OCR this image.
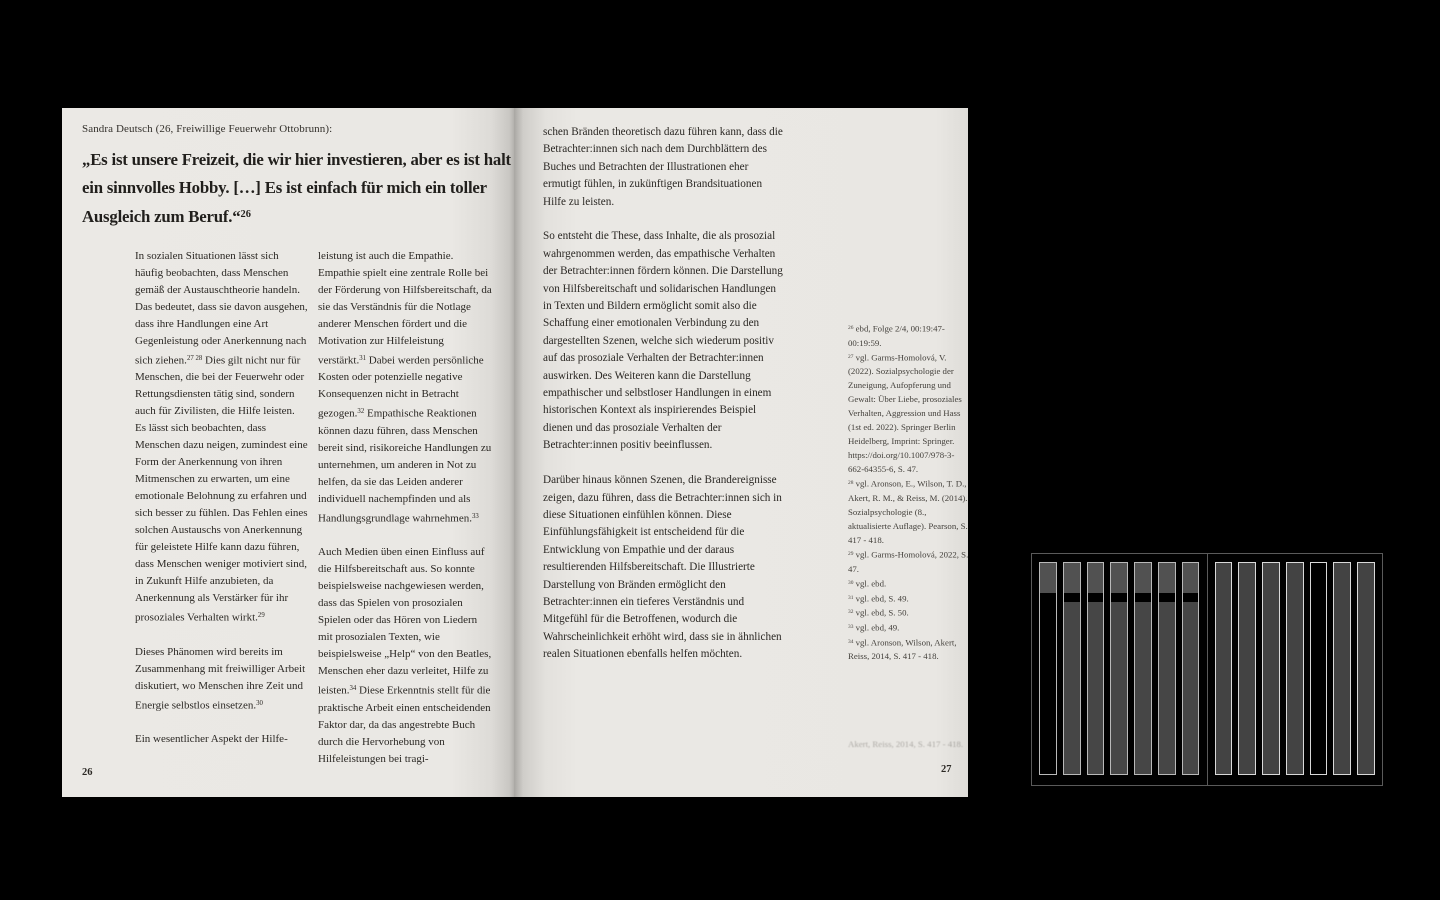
Sandra Deutsch (26, Freiwillige Feuerwehr Ottobrunn):
„Es ist unsere Freizeit, die wir hier investieren, aber es ist halt ein sinnvolles Hobby. […] Es ist einfach für mich ein toller Ausgleich zum Beruf.“$^{26}$
In sozialen Situationen lässt sich häufig beobachten, dass Menschen gemäß der Austauschtheorie handeln. Das bedeutet, dass sie davon ausgehen, dass ihre Handlungen eine Art Gegenleistung oder Anerkennung nach sich ziehen.$^{27 28}$ Dies gilt nicht nur für Menschen, die bei der Feuerwehr oder Rettungsdiensten tätig sind, sondern auch für Zivilisten, die Hilfe leisten. Es lässt sich beobachten, dass Menschen dazu neigen, zumindest eine Form der Anerkennung von ihren Mitmenschen zu erwarten, um eine emotionale Belohnung zu erfahren und sich besser zu fühlen. Das Fehlen eines solchen Austauschs von Anerkennung für geleistete Hilfe kann dazu führen, dass Menschen weniger motiviert sind, in Zukunft Hilfe anzubieten, da Anerkennung als Verstärker für ihr prosoziales Verhalten wirkt.$^{29}$
Dieses Phänomen wird bereits im Zusammenhang mit freiwilliger Arbeit diskutiert, wo Menschen ihre Zeit und Energie selbstlos einsetzen.$^{30}$
Ein wesentlicher Aspekt der Hilfe-
leistung ist auch die Empathie. Empathie spielt eine zentrale Rolle bei der Förderung von Hilfsbereitschaft, da sie das Verständnis für die Notlage anderer Menschen fördert und die Motivation zur Hilfeleistung verstärkt.$^{31}$ Dabei werden persönliche Kosten oder potenzielle negative Konsequenzen nicht in Betracht gezogen.$^{32}$ Empathische Reaktionen können dazu führen, dass Menschen bereit sind, risikoreiche Handlungen zu unternehmen, um anderen in Not zu helfen, da sie das Leiden anderer individuell nachempfinden und als Handlungsgrundlage wahrnehmen.$^{33}$
Auch Medien üben einen Einfluss auf die Hilfsbereitschaft aus. So konnte beispielsweise nachgewiesen werden, dass das Spielen von prosozialen Spielen oder das Hören von Liedern mit prosozialen Texten, wie beispielsweise „Help“ von den Beatles, Menschen eher dazu verleitet, Hilfe zu leisten.$^{34}$ Diese Erkenntnis stellt für die praktische Arbeit einen entscheidenden Faktor dar, da das angestrebte Buch durch die Hervorhebung von Hilfeleistungen bei tragi-
26
schen Bränden theoretisch dazu führen kann, dass die Betrachter:innen sich nach dem Durchblättern des Buches und Betrachten der Illustrationen eher ermutigt fühlen, in zukünftigen Brandsituationen Hilfe zu leisten.
So entsteht die These, dass Inhalte, die als prosozial wahrgenommen werden, das empathische Verhalten der Betrachter:innen fördern können. Die Darstellung von Hilfsbereitschaft und solidarischen Handlungen in Texten und Bildern ermöglicht somit also die Schaffung einer emotionalen Verbindung zu den dargestellten Szenen, welche sich wiederum positiv auf das prosoziale Verhalten der Betrachter:innen auswirken. Des Weiteren kann die Darstellung empathischer und selbstloser Handlungen in einem historischen Kontext als inspirierendes Beispiel dienen und das prosoziale Verhalten der Betrachter:innen positiv beeinflussen.
Darüber hinaus können Szenen, die Brandereignisse zeigen, dazu führen, dass die Betrachter:innen sich in diese Situationen einfühlen können. Diese Einfühlungsfähigkeit ist entscheidend für die Entwicklung von Empathie und der daraus resultierenden Hilfsbereitschaft. Die Illustrierte Darstellung von Bränden ermöglicht den Betrachter:innen ein tieferes Verständnis und Mitgefühl für die Betroffenen, wodurch die Wahrscheinlichkeit erhöht wird, dass sie in ähnlichen realen Situationen ebenfalls helfen möchten.
$^{26}$ ebd, Folge 2/4, 00:19:47-00:19:59.
$^{27}$ vgl. Garms-Homolová, V. (2022). Sozialpsychologie der Zuneigung, Aufopferung und Gewalt: Über Liebe, prosoziales Verhalten, Aggression und Hass (1st ed. 2022). Springer Berlin Heidelberg, Imprint: Springer. https://doi.org/10.1007/978-3-662-64355-6, S. 47.
$^{28}$ vgl. Aronson, E., Wilson, T. D., Akert, R. M., & Reiss, M. (2014). Sozialpsychologie (8., aktualisierte Auflage). Pearson, S. 417 - 418.
$^{29}$ vgl. Garms-Homolová, 2022, S. 47.
$^{30}$ vgl. ebd.
$^{31}$ vgl. ebd, S. 49.
$^{32}$ vgl. ebd, S. 50.
$^{33}$ vgl. ebd, 49.
$^{34}$ vgl. Aronson, Wilson, Akert, Reiss, 2014, S. 417 - 418.
Akert, Reiss, 2014, S. 417 - 418.
27
